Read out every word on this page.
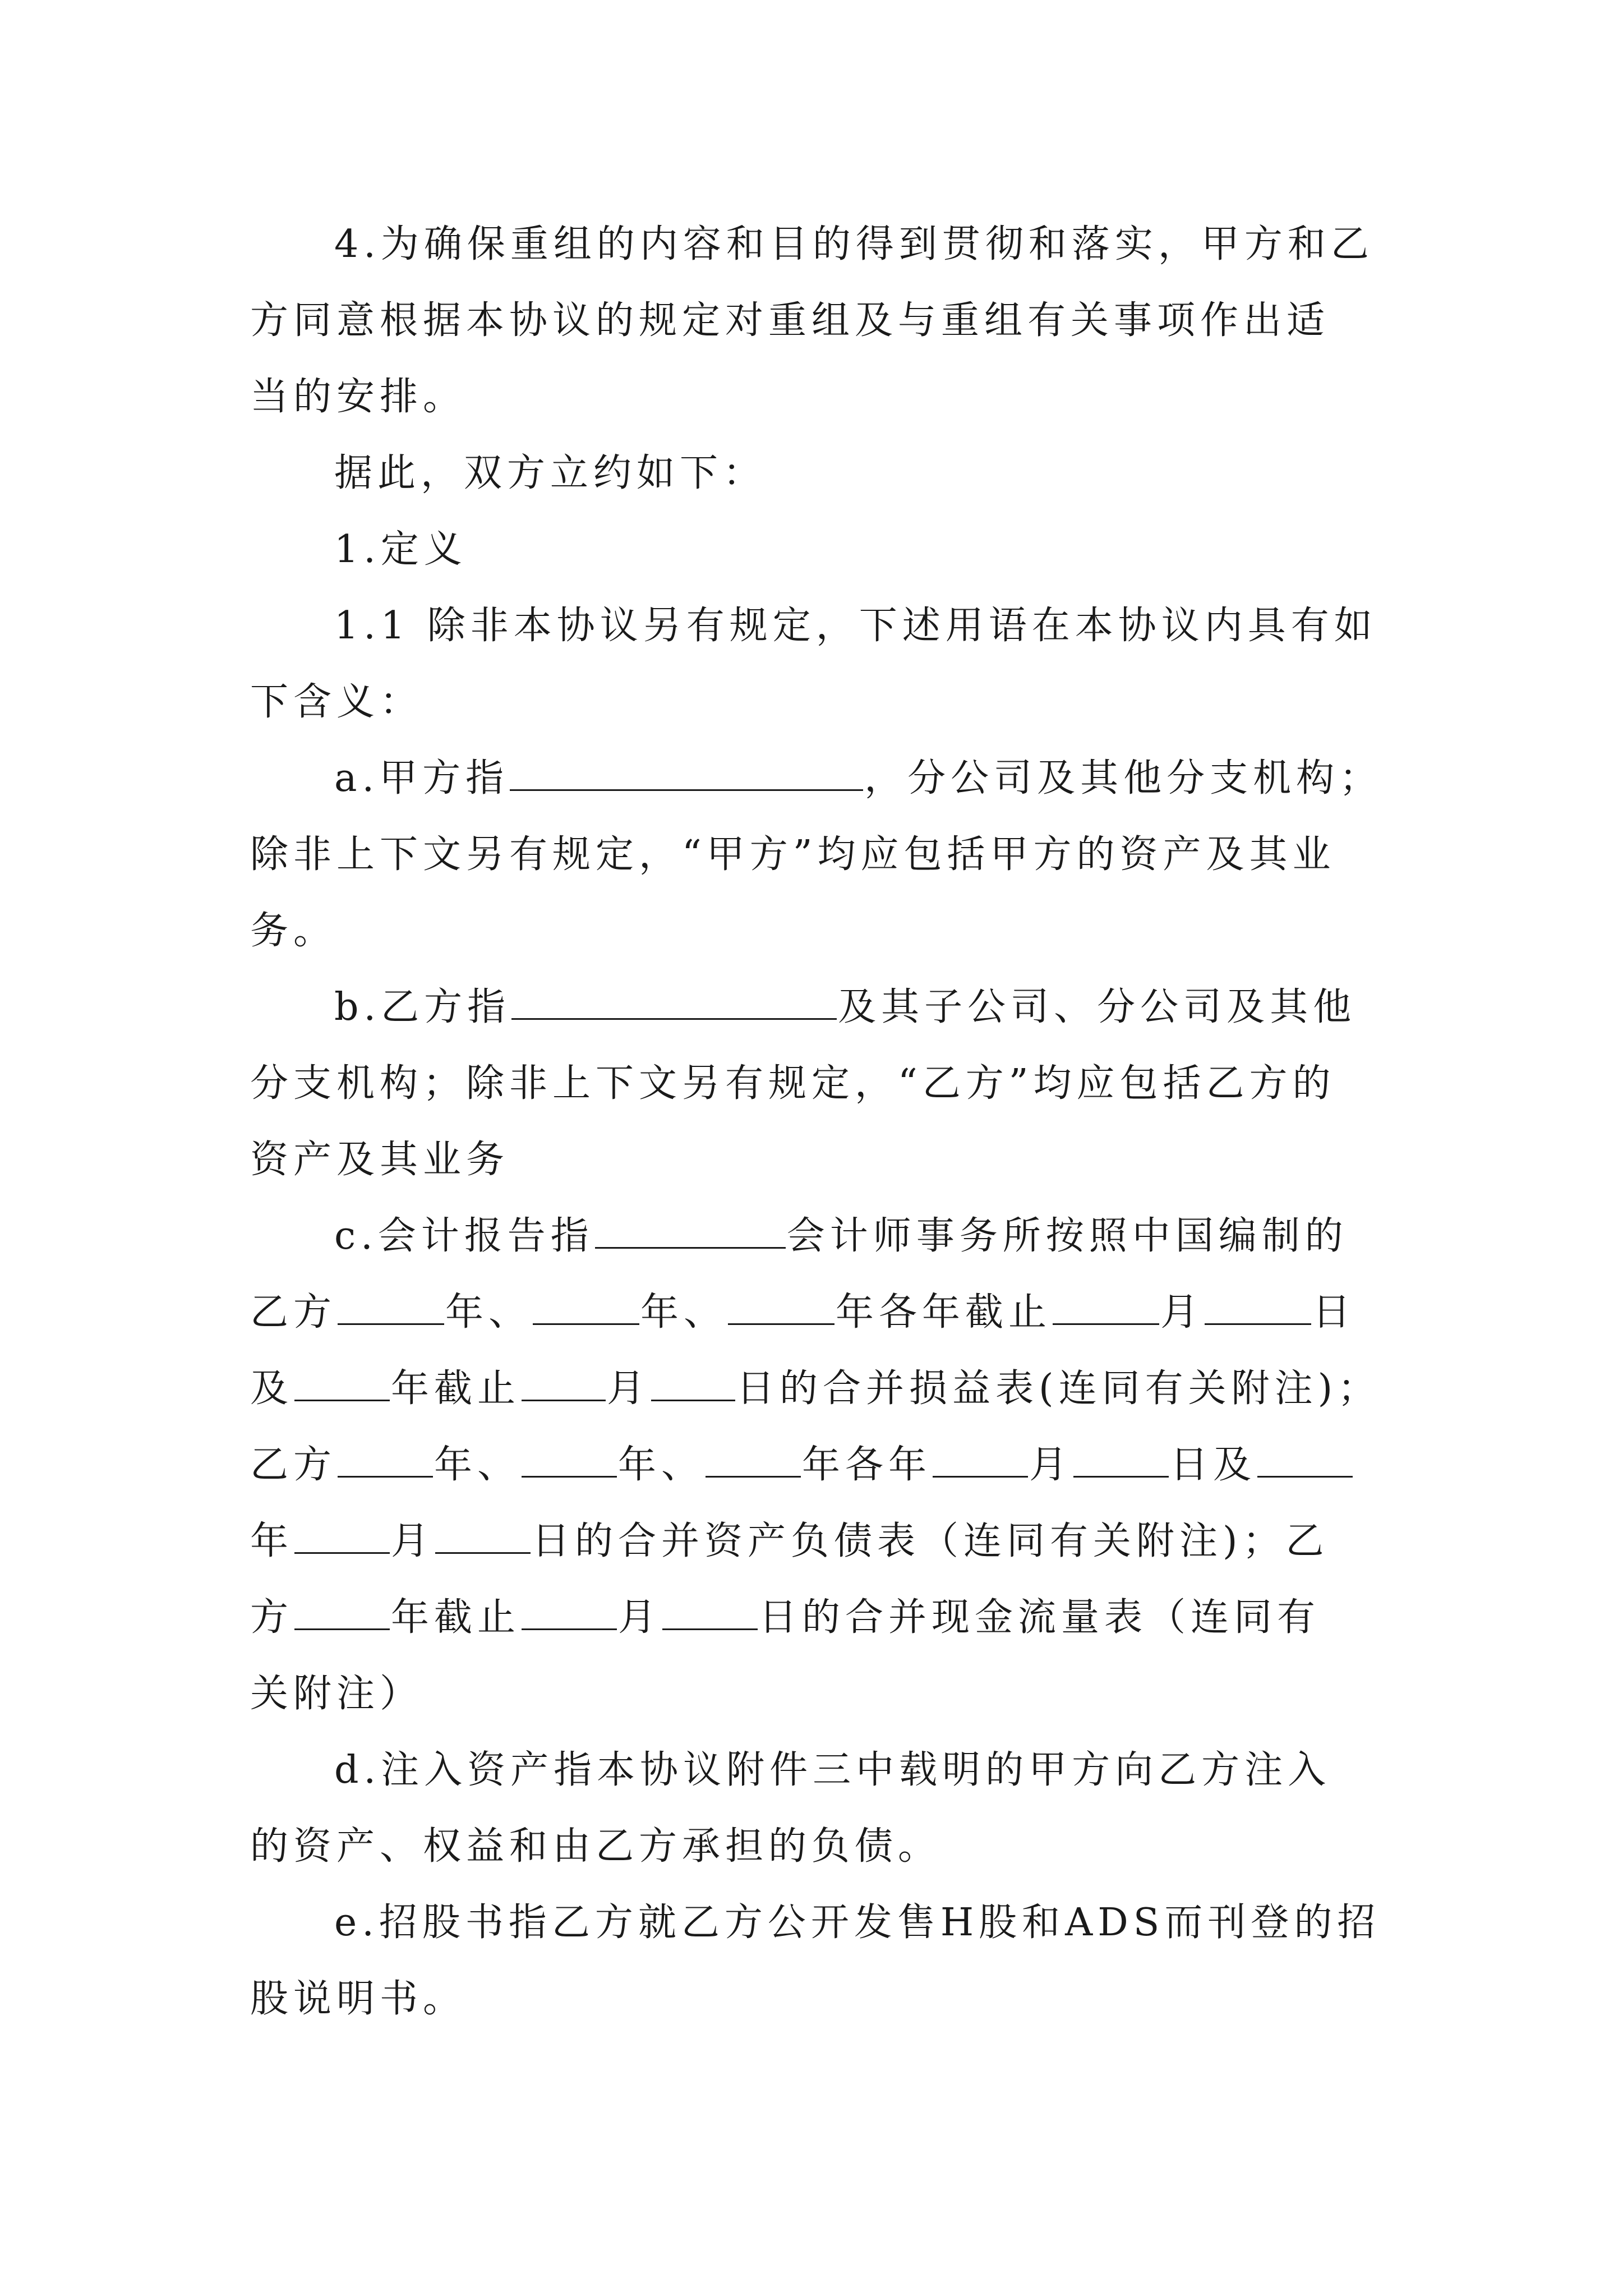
4.为确保重组的内容和目的得到贯彻和落实，甲方和乙
方同意根据本协议的规定对重组及与重组有关事项作出适
当的安排。
据此，双方立约如下：
1.定义
1.1 除非本协议另有规定，下述用语在本协议内具有如
下含义：
a.甲方指	，分公司及其他分支机构；
除非上下文另有规定，“甲方”均应包括甲方的资产及其业
务。
b.乙方指	及其子公司、分公司及其他
分支机构；除非上下文另有规定，“乙方”均应包括乙方的
资产及其业务
c.会计报告指	会计师事务所按照中国编制的
乙方	年、	年、	年各年截止	月	日
及	年截止 月 日的合并损益表(连同有关附注)；
乙方	年、	年、	年各年	月	日及
年	月	日的合并资产负债表（连同有关附注)；乙
方	年截止	月	日的合并现金流量表（连同有
关附注）
d.注入资产指本协议附件三中载明的甲方向乙方注入
的资产、权益和由乙方承担的负债。
e.招股书指乙方就乙方公开发售H股和ADS而刊登的招
股说明书。
